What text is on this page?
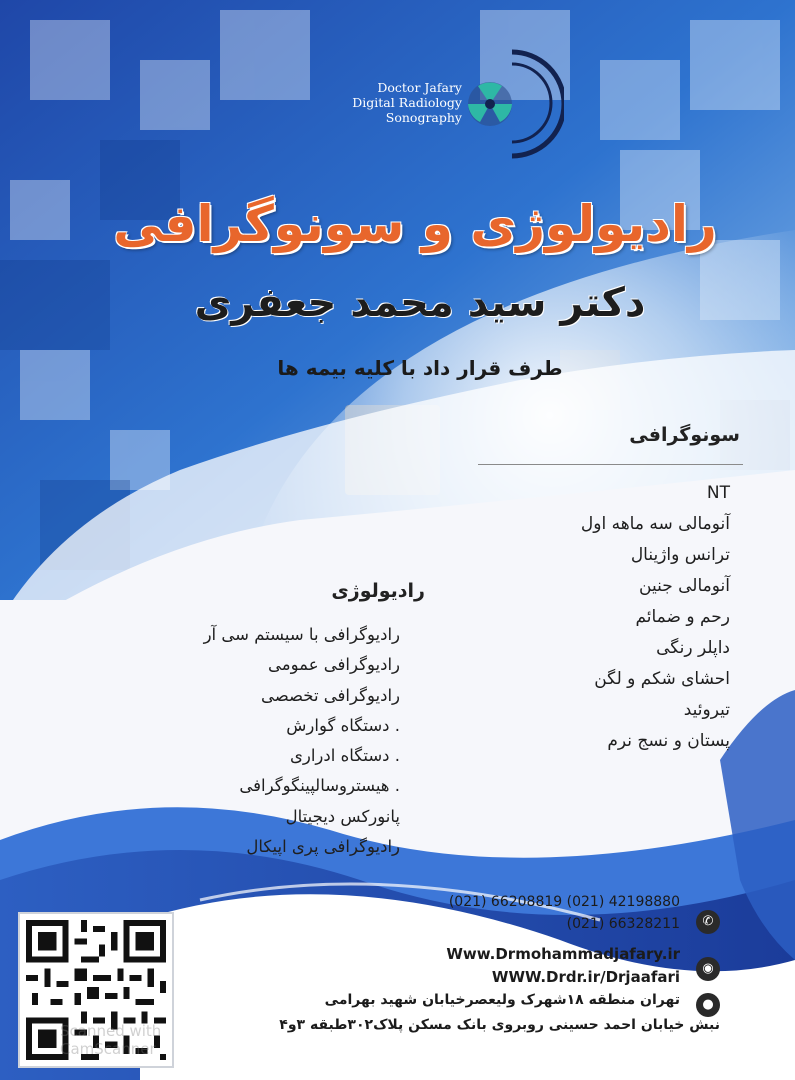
Doctor Jafary
Digital Radiology
Sonography
رادیولوژی و سونوگرافی
دکتر سید محمد جعفری
طرف قرار داد با کلیه بیمه ها
سونوگرافی
NT
آنومالی سه ماهه اول
ترانس واژینال
آنومالی جنین
رحم و ضمائم
داپلر رنگی
احشای شکم و لگن
تیروئید
پستان و نسج نرم
رادیولوژی
رادیوگرافی با سیستم سی آر
رادیوگرافی عمومی
رادیوگرافی تخصصی
. دستگاه گوارش
. دستگاه ادراری
. هیستروسالپینگوگرافی
پانورکس دیجیتال
رادیوگرافی پری اپیکال
(021) 66208819 (021) 42198880
(021) 66328211	✆
Www.Drmohammadjafary.ir
WWW.Drdr.ir/Drjaafari	◉
تهران منطقه ۱۸شهرک ولیعصرخیابان شهید بهرامی
نبش خیابان احمد حسینی روبروی بانک مسکن پلاک۳۰۲طبقه ۳و۴
●
Scanned with
CamScanner
